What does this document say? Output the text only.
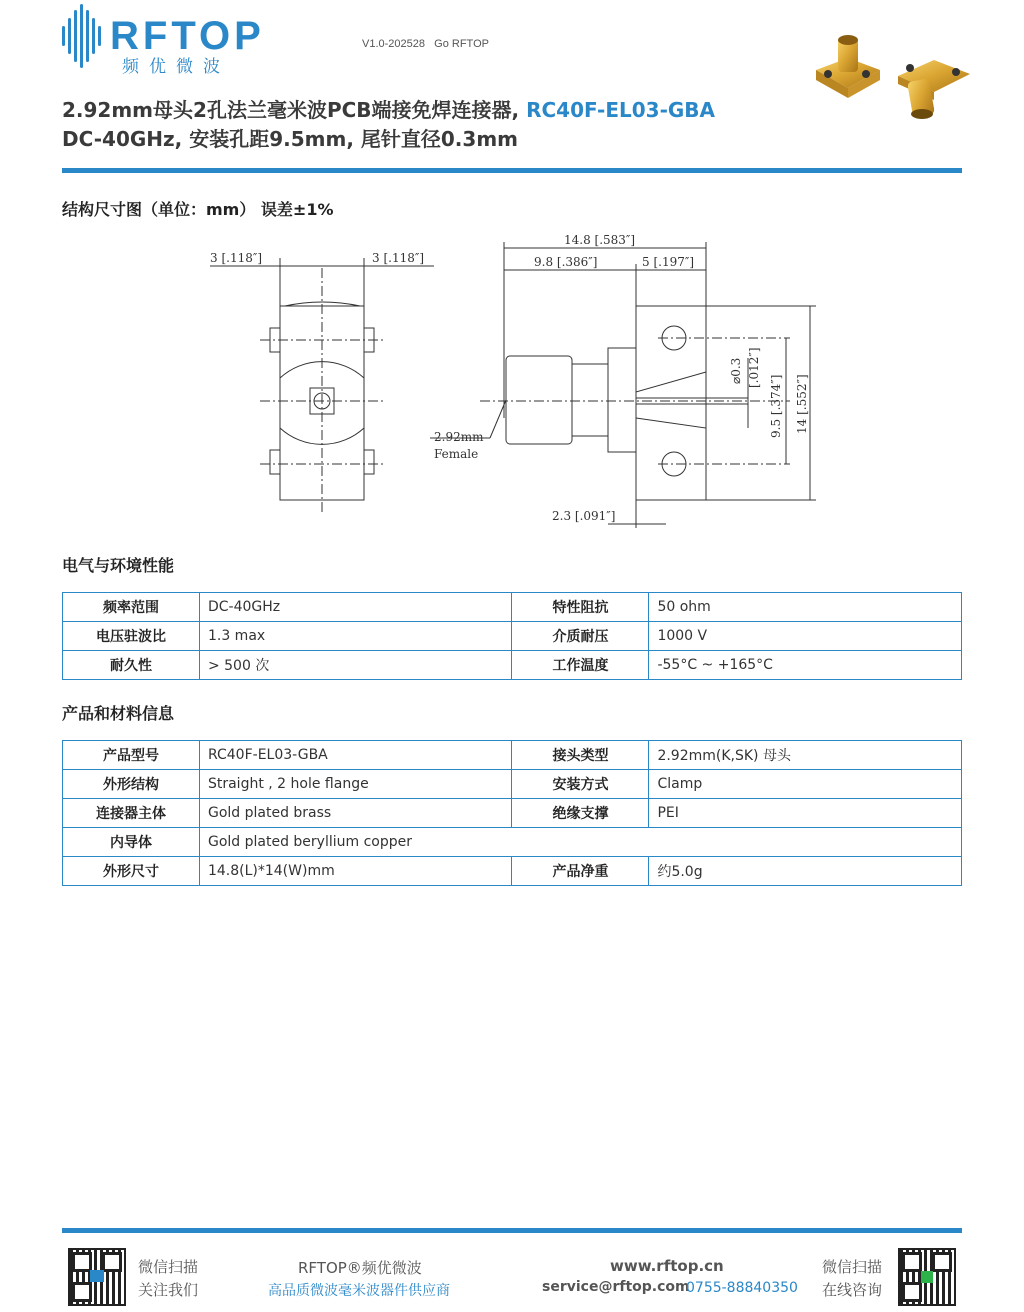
RFTOP
频优微波
V1.0-202528   Go RFTOP
2.92mm母头2孔法兰毫米波PCB端接免焊连接器, RC40F-EL03-GBA
DC-40GHz, 安装孔距9.5mm, 尾针直径0.3mm
结构尺寸图（单位：mm） 误差±1%
3 [.118″]	3 [.118″]
14.8 [.583″]
9.8 [.386″]	5 [.197″]
2.92mm
Female
2.3 [.091″]
⌀0.3 [.012″]
9.5 [.374″] 14 [.552″]
电气与环境性能
频率范围	DC-40GHz	特性阻抗	50 ohm
电压驻波比	1.3 max	介质耐压	1000 V
耐久性	> 500 次	工作温度	-55°C ~ +165°C
产品和材料信息
产品型号	RC40F-EL03-GBA	接头类型	2.92mm(K,SK) 母头
外形结构	Straight , 2 hole flange	安装方式	Clamp
连接器主体	Gold plated brass	绝缘支撑	PEI
内导体	Gold plated beryllium copper		
外形尺寸	14.8(L)*14(W)mm	产品净重	约5.0g
微信扫描
关注我们
RFTOP®频优微波
高品质微波毫米波器件供应商
www.rftop.cn
service@rftop.com
0755-88840350
微信扫描
在线咨询
